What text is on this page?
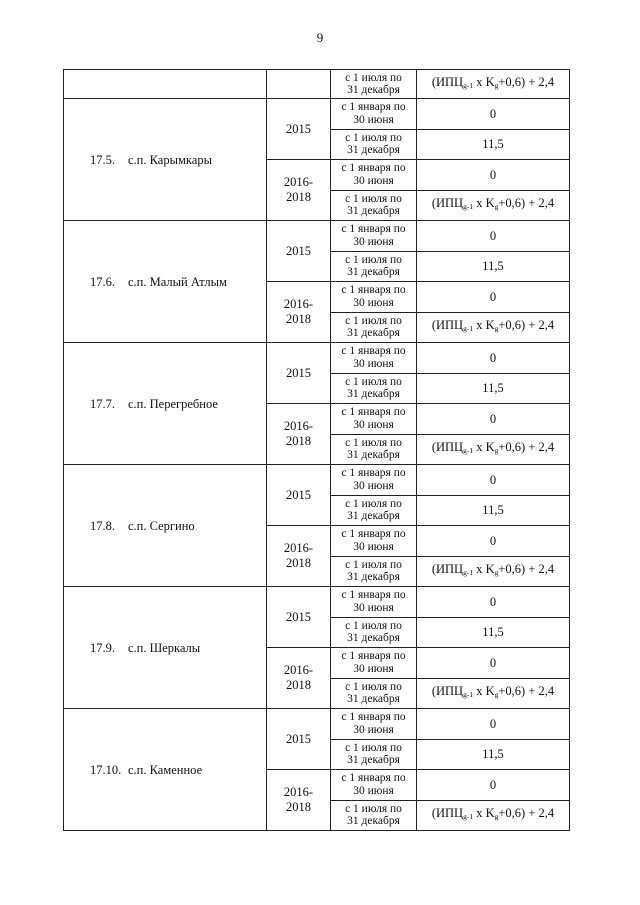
9
		с 1 июля по
31 декабря	($ИПЦ_{g-1}$ x $K_g+0,6) + 2,4$
17.5. с.п. Карымкары	2015	с 1 января по
30 июня	0
		с 1 июля по
31 декабря	11,5
	2016-
2018	с 1 января по
30 июня	0
		с 1 июля по
31 декабря	($ИПЦ_{g-1}$ x $K_g+0,6) + 2,4$
17.6. с.п. Малый Атлым	2015	с 1 января по
30 июня	0
		с 1 июля по
31 декабря	11,5
	2016-
2018	с 1 января по
30 июня	0
		с 1 июля по
31 декабря	($ИПЦ_{g-1}$ x $K_g+0,6) + 2,4$
17.7. с.п. Перегребное	2015	с 1 января по
30 июня	0
		с 1 июля по
31 декабря	11,5
	2016-
2018	с 1 января по
30 июня	0
		с 1 июля по
31 декабря	($ИПЦ_{g-1}$ x $K_g+0,6) + 2,4$
17.8. с.п. Сергино	2015	с 1 января по
30 июня	0
		с 1 июля по
31 декабря	11,5
	2016-
2018	с 1 января по
30 июня	0
		с 1 июля по
31 декабря	($ИПЦ_{g-1}$ x $K_g+0,6) + 2,4$
17.9. с.п. Шеркалы	2015	с 1 января по
30 июня	0
		с 1 июля по
31 декабря	11,5
	2016-
2018	с 1 января по
30 июня	0
		с 1 июля по
31 декабря	($ИПЦ_{g-1}$ x $K_g+0,6) + 2,4$
17.10. с.п. Каменное	2015	с 1 января по
30 июня	0
		с 1 июля по
31 декабря	11,5
	2016-
2018	с 1 января по
30 июня	0
		с 1 июля по
31 декабря	($ИПЦ_{g-1}$ x $K_g+0,6) + 2,4$
